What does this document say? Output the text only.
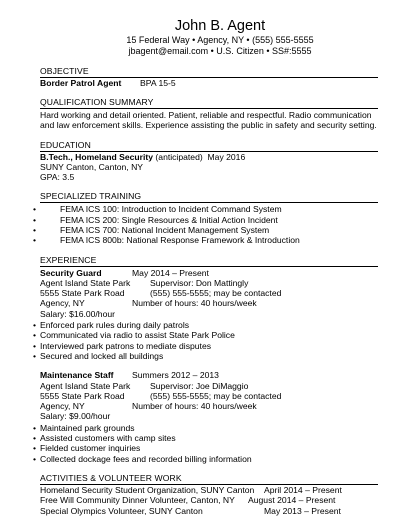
John B. Agent
15 Federal Way • Agency, NY • (555) 555-5555
jbagent@email.com • U.S. Citizen • SS#:5555
OBJECTIVE
Border Patrol Agent BPA 15-5
QUALIFICATION SUMMARY
Hard working and detail oriented. Patient, reliable and respectful. Radio communication and law enforcement skills. Experience assisting the public in safety and security setting.
EDUCATION
B.Tech., Homeland Security (anticipated) May 2016
SUNY Canton, Canton, NY
GPA: 3.5
SPECIALIZED TRAINING
•	FEMA ICS 100: Introduction to Incident Command System
•	FEMA ICS 200: Single Resources & Initial Action Incident
•	FEMA ICS 700: National Incident Management System
•	FEMA ICS 800b: National Response Framework & Introduction
EXPERIENCE
Security Guard	May 2014 – Present
Agent Island State Park Supervisor: Don Mattingly
5555 State Park Road	(555) 555-5555; may be contacted
Agency, NY	Number of hours: 40 hours/week
Salary: $16.00/hour
• Enforced park rules during daily patrols
• Communicated via radio to assist State Park Police
• Interviewed park patrons to mediate disputes
• Secured and locked all buildings
Maintenance Staff Summers 2012 – 2013
Agent Island State Park Supervisor: Joe DiMaggio
5555 State Park Road	(555) 555-5555; may be contacted
Agency, NY	Number of hours: 40 hours/week
Salary: $9.00/hour
• Maintained park grounds
• Assisted customers with camp sites
• Fielded customer inquiries
• Collected dockage fees and recorded billing information
ACTIVITIES & VOLUNTEER WORK
Homeland Security Student Organization, SUNY Canton April 2014 – Present
Free Will Community Dinner Volunteer, Canton, NY August 2014 – Present
Special Olympics Volunteer, SUNY Canton	May 2013 – Present
